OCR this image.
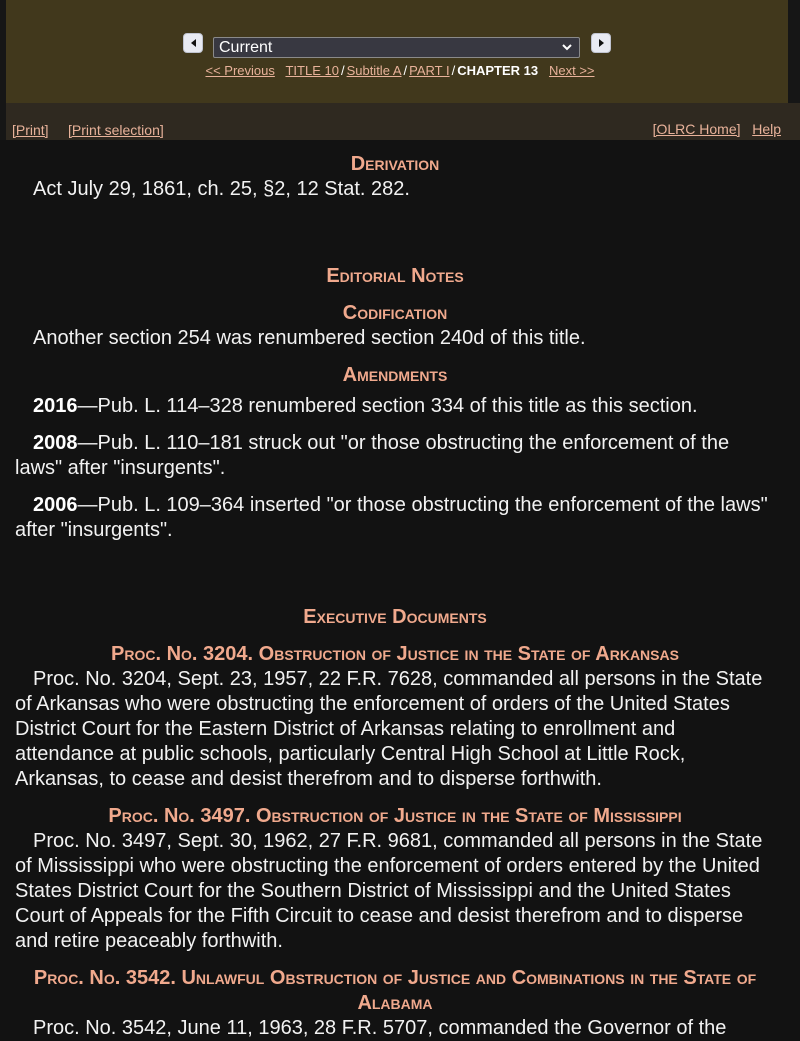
Current
<< Previous TITLE 10 / Subtitle A / PART I / CHAPTER 13 Next >>
[Print] [Print selection]	[OLRC Home] Help
Derivation

Act July 29, 1861, ch. 25, §2, 12 Stat. 282.

Editorial Notes
Codification

Another section 254 was renumbered section 240d of this title.

Amendments

2016—Pub. L. 114–328 renumbered section 334 of this title as this section.

2008—Pub. L. 110–181 struck out "or those obstructing the enforcement of the laws" after "insurgents".

2006—Pub. L. 109–364 inserted "or those obstructing the enforcement of the laws" after "insurgents".

Executive Documents
Proc. No. 3204. Obstruction of Justice in the State of Arkansas

Proc. No. 3204, Sept. 23, 1957, 22 F.R. 7628, commanded all persons in the State of Arkansas who were obstructing the enforcement of orders of the United States District Court for the Eastern District of Arkansas relating to enrollment and attendance at public schools, particularly Central High School at Little Rock, Arkansas, to cease and desist therefrom and to disperse forthwith.

Proc. No. 3497. Obstruction of Justice in the State of Mississippi

Proc. No. 3497, Sept. 30, 1962, 27 F.R. 9681, commanded all persons in the State of Mississippi who were obstructing the enforcement of orders entered by the United States District Court for the Southern District of Mississippi and the United States Court of Appeals for the Fifth Circuit to cease and desist therefrom and to disperse and retire peaceably forthwith.

Proc. No. 3542. Unlawful Obstruction of Justice and Combinations in the State of Alabama

Proc. No. 3542, June 11, 1963, 28 F.R. 5707, commanded the Governor of the
